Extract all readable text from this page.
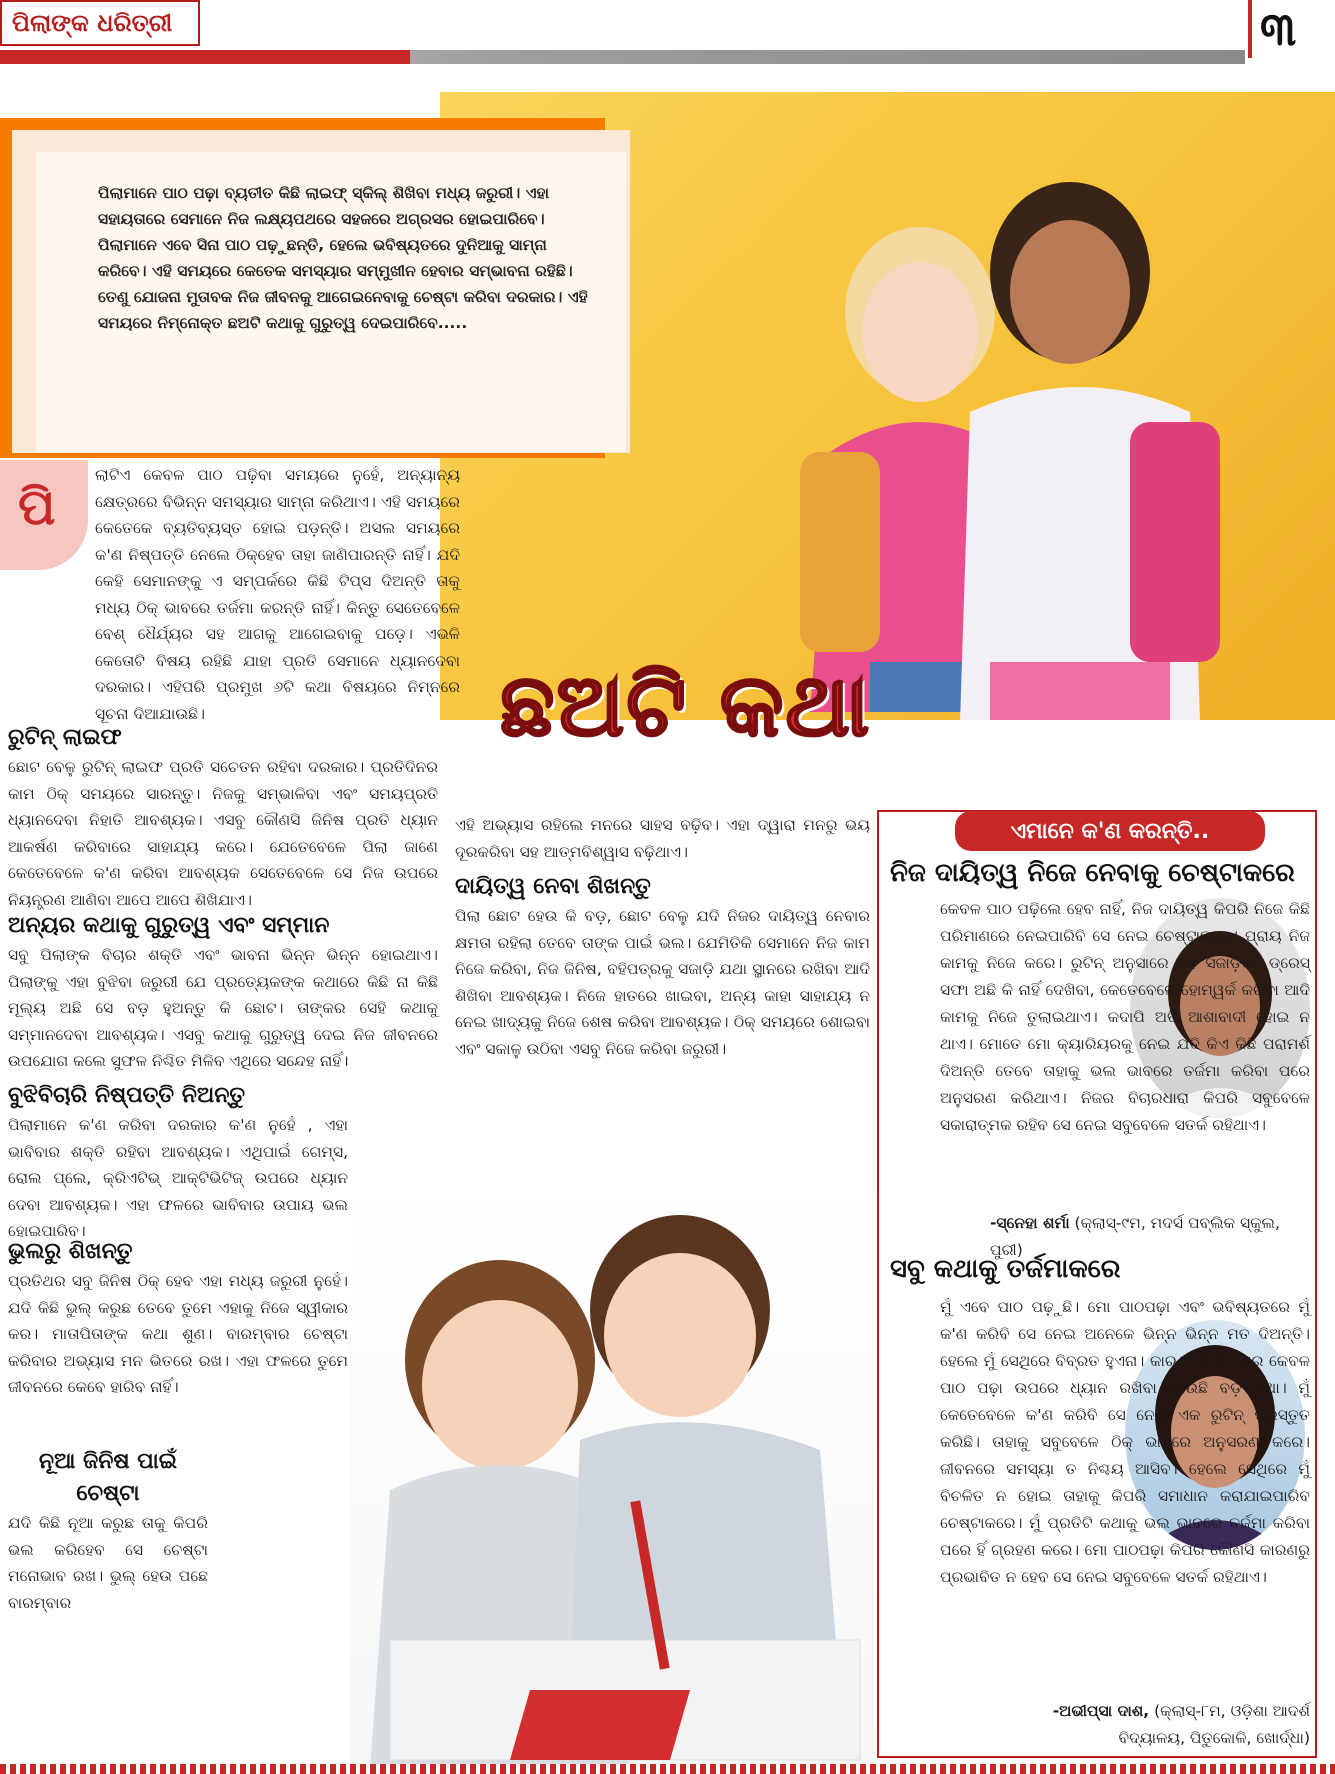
ପିଲାଙ୍କ ଧରିତ୍ରୀ	୩
ପିଲାମାନେ ପାଠ ପଢ଼ା ବ୍ୟତୀତ କିଛି ଲାଇଫ୍ ସ୍କିଲ୍ ଶିଖିବା ମଧ୍ୟ ଜରୁରୀ। ଏହା ସହାୟତାରେ ସେମାନେ ନିଜ ଲକ୍ଷ୍ୟପଥରେ ସହଜରେ ଅଗ୍ରସର ହୋଇପାରିବେ। ପିଲାମାନେ ଏବେ ସିନା ପାଠ ପଢ଼ୁଛନ୍ତି, ହେଲେ ଭବିଷ୍ୟତରେ ଦୁନିଆକୁ ସାମ୍ନା କରିବେ। ଏହି ସମୟରେ କେତେକ ସମସ୍ୟାର ସମ୍ମୁଖୀନ ହେବାର ସମ୍ଭାବନା ରହିଛି। ତେଣୁ ଯୋଜନା ମୁତାବକ ନିଜ ଜୀବନକୁ ଆଗେଇନେବାକୁ ଚେଷ୍ଟା କରିବା ଦରକାର। ଏହି ସମୟରେ ନିମ୍ନୋକ୍ତ ଛଅଟି କଥାକୁ ଗୁରୁତ୍ୱ ଦେଇପାରିବେ.....
ଛଅଟି କଥା
ପି

ଲାଟିଏ କେବଳ ପାଠ ପଢ଼ିବା ସମୟରେ ନୁହେଁ, ଅନ୍ୟାନ୍ୟ କ୍ଷେତ୍ରରେ ବିଭିନ୍ନ ସମସ୍ୟାର ସାମ୍ନା କରିଥାଏ। ଏହି ସମୟରେ କେତେକେ ବ୍ୟତିବ୍ୟସ୍ତ ହୋଇ ପଡ଼ନ୍ତି। ଅସଲ ସମୟରେ କ'ଣ ନିଷ୍ପତ୍ତି ନେଲେ ଠିକ୍‌ହେବ ତାହା ଜାଣିପାରନ୍ତି ନାହିଁ। ଯଦି କେହି ସେମାନଙ୍କୁ ଏ ସମ୍ପର୍କରେ କିଛି ଟିପ୍ସ ଦିଅନ୍ତି ତାକୁ ମଧ୍ୟ ଠିକ୍ ଭାବରେ ତର୍ଜମା କରନ୍ତି ନାହିଁ। କିନ୍ତୁ ସେତେବେଳେ ବେଶ୍ ଧୈର୍ଯ୍ୟର ସହ ଆଗକୁ ଆଗେଇବାକୁ ପଡ଼େ। ଏଭଳି କେତୋଟି ବିଷୟ ରହିଛି ଯାହା ପ୍ରତି ସେମାନେ ଧ୍ୟାନଦେବା ଦରକାର। ଏହିପରି ପ୍ରମୁଖ ୬ଟି କଥା ବିଷୟରେ ନିମ୍ନରେ ସୂଚନା ଦିଆଯାଉଛି।

ରୁଟିନ୍ ଲାଇଫ

ଛୋଟ ବେଳୁ ରୁଟିନ୍ ଲାଇଫ ପ୍ରତି ସଚେତନ ରହିବା ଦରକାର। ପ୍ରତିଦିନର କାମ ଠିକ୍ ସମୟରେ ସାରନ୍ତୁ। ନିଜକୁ ସମ୍ଭାଳିବା ଏବଂ ସମୟପ୍ରତି ଧ୍ୟାନଦେବା ନିହାତି ଆବଶ୍ୟକ। ଏସବୁ କୌଣସି ଜିନିଷ ପ୍ରତି ଧ୍ୟାନ ଆକର୍ଷଣ କରିବାରେ ସାହାଯ୍ୟ କରେ। ଯେତେବେଳେ ପିଲା ଜାଣେ କେତେବେଳେ କ'ଣ କରିବା ଆବଶ୍ୟକ ସେତେବେଳେ ସେ ନିଜ ଉପରେ ନିୟନ୍ତ୍ରଣ ଆଣିବା ଆପେ ଆପେ ଶିଖିଯାଏ।

ଅନ୍ୟର କଥାକୁ ଗୁରୁତ୍ୱ ଏବଂ ସମ୍ମାନ

ସବୁ ପିଲାଙ୍କ ବିଚାର ଶକ୍ତି ଏବଂ ଭାବନା ଭିନ୍ନ ଭିନ୍ନ ହୋଇଥାଏ। ପିଲାଙ୍କୁ ଏହା ବୁଝିବା ଜରୁରୀ ଯେ ପ୍ରତ୍ୟେକଙ୍କ କଥାରେ କିଛି ନା କିଛି ମୂଲ୍ୟ ଅଛି ସେ ବଡ଼ ହୁଅନ୍ତୁ କି ଛୋଟ। ତାଙ୍କର ସେହି କଥାକୁ ସମ୍ମାନଦେବା ଆବଶ୍ୟକ। ଏସବୁ କଥାକୁ ଗୁରୁତ୍ୱ ଦେଇ ନିଜ ଜୀବନରେ ଉପଯୋଗ କଲେ ସୁଫଳ ନିଶ୍ଚିତ ମିଳିବ ଏଥିରେ ସନ୍ଦେହ ନାହିଁ।

ବୁଝିବିଚାରି ନିଷ୍ପତ୍ତି ନିଅନ୍ତୁ

ପିଲାମାନେ କ'ଣ କରିବା ଦରକାର କ'ଣ ନୁହେଁ , ଏହା ଭାବିବାର ଶକ୍ତି ରହିବା ଆବଶ୍ୟକ। ଏଥିପାଇଁ ଗେମ୍ସ, ରୋଲ ପ୍ଲେ, କ୍ରିଏଟିଭ୍ ଆକ୍ଟିଭିଟିଜ୍ ଉପରେ ଧ୍ୟାନ ଦେବା ଆବଶ୍ୟକ। ଏହା ଫଳରେ ଭାବିବାର ଉପାୟ ଭଲ ହୋଇପାରିବ।

ଭୁଲରୁ ଶିଖନ୍ତୁ

ପ୍ରତିଥର ସବୁ ଜିନିଷ ଠିକ୍ ହେବ ଏହା ମଧ୍ୟ ଜରୁରୀ ନୁହେଁ। ଯଦି କିଛି ଭୁଲ୍ କରୁଛ ତେବେ ତୁମେ ଏହାକୁ ନିଜେ ସ୍ୱୀକାର କର। ମାତାପିତାଙ୍କ କଥା ଶୁଣ। ବାରମ୍ବାର ଚେଷ୍ଟା କରିବାର ଅଭ୍ୟାସ ମନ ଭିତରେ ରଖ। ଏହା ଫଳରେ ତୁମେ ଜୀବନରେ କେବେ ହାରିବ ନାହିଁ।

ନୂଆ ଜିନିଷ ପାଇଁ ଚେଷ୍ଟା

ଯଦି କିଛି ନୂଆ କରୁଛ ତାକୁ କିପରି ଭଲ କରିହେବ ସେ ଚେଷ୍ଟା ମନୋଭାବ ରଖ। ଭୁଲ୍ ହେଉ ପଛେ ବାରମ୍ବାର

ଏହି ଅଭ୍ୟାସ ରହିଲେ ମନରେ ସାହସ ବଢ଼ିବ। ଏହା ଦ୍ୱାରା ମନରୁ ଭୟ ଦୂରକରିବା ସହ ଆତ୍ମବିଶ୍ୱାସ ବଢ଼ିଥାଏ।

ଦାୟିତ୍ୱ ନେବା ଶିଖନ୍ତୁ

ପିଲା ଛୋଟ ହେଉ କି ବଡ଼, ଛୋଟ ବେଳୁ ଯଦି ନିଜର ଦାୟିତ୍ୱ ନେବାର କ୍ଷମତା ରହିଲା ତେବେ ତାଙ୍କ ପାଇଁ ଭଲ। ଯେମିତିକି ସେମାନେ ନିଜ କାମ ନିଜେ କରିବା, ନିଜ ଜିନିଷ, ବହିପତ୍ରକୁ ସଜାଡ଼ି ଯଥା ସ୍ଥାନରେ ରଖିବା ଆଦି ଶିଖିବା ଆବଶ୍ୟକ। ନିଜେ ହାତରେ ଖାଇବା, ଅନ୍ୟ କାହା ସାହାଯ୍ୟ ନ ନେଇ ଖାଦ୍ୟକୁ ନିଜେ ଶେଷ କରିବା ଆବଶ୍ୟକ। ଠିକ୍ ସମୟରେ ଶୋଇବା ଏବଂ ସକାଳୁ ଉଠିବା ଏସବୁ ନିଜେ କରିବା ଜରୁରୀ।

ଏମାନେ କ'ଣ କରନ୍ତି..
ନିଜ ଦାୟିତ୍ୱ ନିଜେ ନେବାକୁ ଚେଷ୍ଟାକରେ

କେବଳ ପାଠ ପଢ଼ିଲେ ହେବ ନାହିଁ, ନିଜ ଦାୟିତ୍ୱ କିପରି ନିଜେ କିଛି ପରିମାଣରେ ନେଇପାରିବି ସେ ନେଇ ଚେଷ୍ଟାକରେ। ପ୍ରାୟ ନିଜ କାମକୁ ନିଜେ କରେ। ରୁଟିନ୍ ଅନୁସାରେ ବହି ସଜାଡ଼ିବା, ଡ୍ରେସ୍ ସଫା ଅଛି କି ନାହିଁ ଦେଖିବା, କେତେବେଳେ ହୋମ୍‌ୱର୍କ କରିବା ଆଦି କାମକୁ ନିଜେ ତୁଲାଇଥାଏ। କଦାପି ଅତି ଆଶାବାଦୀ ହୋଇ ନ ଥାଏ। ମୋତେ ମୋ କ୍ୟାରିୟରକୁ ନେଇ ଯଦି କିଏ କିଛି ପରାମର୍ଶ ଦିଅନ୍ତି ତେବେ ତାହାକୁ ଭଲ ଭାବରେ ତର୍ଜମା କରିବା ପରେ ଅନୁସରଣ କରିଥାଏ। ନିଜର ବିଚାରଧାରା କିପରି ସବୁବେଳେ ସକାରାତ୍ମକ ରହିବ ସେ ନେଇ ସବୁବେଳେ ସତର୍କ ରହିଥାଏ।

-ସ୍ନେହା ଶର୍ମା (କ୍ଲାସ୍-୯ମ, ମଦର୍ସ ପବ୍ଲିକ ସ୍କୁଲ, ପୁରୀ)
ସବୁ କଥାକୁ ତର୍ଜମାକରେ

ମୁଁ ଏବେ ପାଠ ପଢ଼ୁଛି। ମୋ ପାଠପଢ଼ା ଏବଂ ଭବିଷ୍ୟତରେ ମୁଁ କ'ଣ କରିବି ସେ ନେଇ ଅନେକେ ଭିନ୍ନ ଭିନ୍ନ ମତ ଦିଅନ୍ତି। ହେଲେ ମୁଁ ସେଥିରେ ବିବ୍ରତ ହୁଏନା। କାରଣ ଏବେ ମୋର କେବଳ ପାଠ ପଢ଼ା ଉପରେ ଧ୍ୟାନ ରଖିବା ହେଉଛି ବଡ଼ କଥା। ମୁଁ କେତେବେଳେ କ'ଣ କରିବି ସେ ନେଇ ଏକ ରୁଟିନ୍ ପ୍ରସ୍ତୁତ କରିଛି। ତାହାକୁ ସବୁବେଳେ ଠିକ୍ ଭାବରେ ଅନୁସରଣ କରେ। ଜୀବନରେ ସମସ୍ୟା ତ ନିଶ୍ଚୟ ଆସିବ। ହେଲେ ସେଥିରେ ମୁଁ ବିଚଳିତ ନ ହୋଇ ତାହାକୁ କିପରି ସମାଧାନ କରାଯାଇପାରିବ ଚେଷ୍ଟାକରେ। ମୁଁ ପ୍ରତିଟି କଥାକୁ ଭଲ ଭାବରେ ତର୍ଜମା କରିବା ପରେ ହିଁ ଗ୍ରହଣ କରେ। ମୋ ପାଠପଢ଼ା କିପରି କୌଣସି କାରଣରୁ ପ୍ରଭାବିତ ନ ହେବ ସେ ନେଇ ସବୁବେଳେ ସତର୍କ ରହିଥାଏ।

-ଅଭୀପ୍ସା ଦାଶ, (କ୍ଲାସ୍-୮ମ, ଓଡ଼ିଶା ଆଦର୍ଶ ବିଦ୍ୟାଳୟ, ପିତୁକୋଳି, ଖୋର୍ଦ୍ଧା)
